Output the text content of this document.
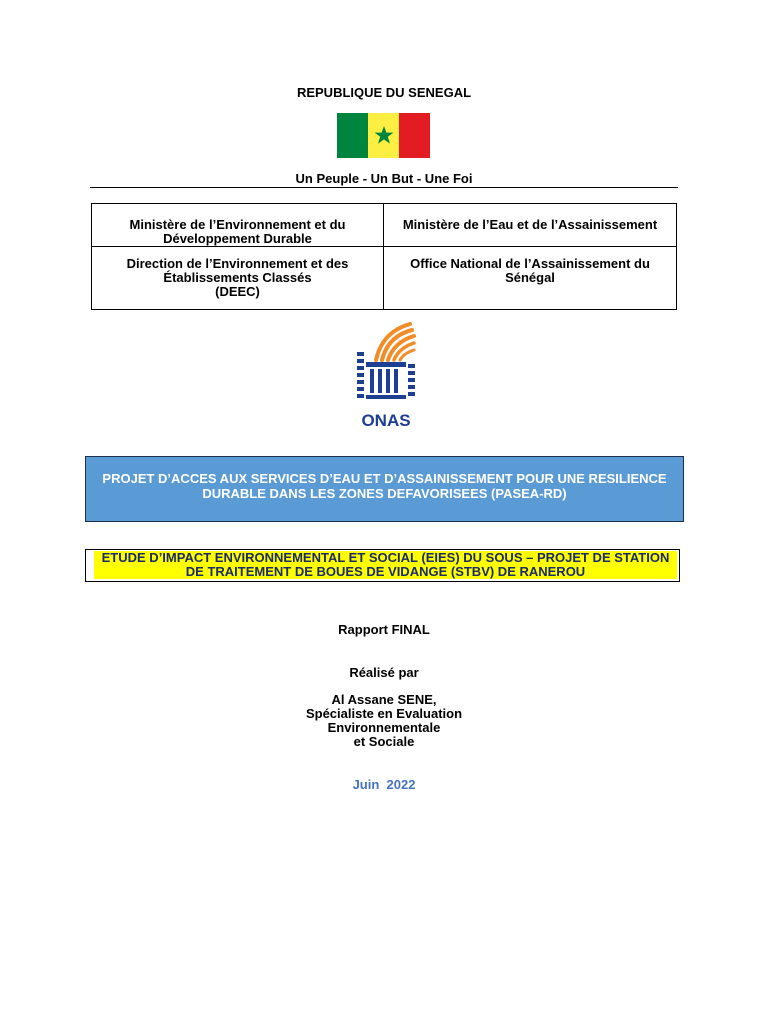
REPUBLIQUE DU SENEGAL
Un Peuple - Un But - Une Foi
Ministère de l’Environnement et du Développement Durable
Ministère de l’Eau et de l’Assainissement
Direction de l’Environnement et des
Établissements Classés
(DEEC)
Office National de l’Assainissement du Sénégal
ONAS
PROJET D’ACCES AUX SERVICES D’EAU ET D’ASSAINISSEMENT POUR UNE RESILIENCE DURABLE DANS LES ZONES DEFAVORISEES (PASEA-RD)
ETUDE D’IMPACT ENVIRONNEMENTAL ET SOCIAL (EIES) DU SOUS – PROJET DE STATION DE TRAITEMENT DE BOUES DE VIDANGE (STBV) DE RANEROU
Rapport FINAL
Réalisé par
Al Assane SENE,
Spécialiste en Evaluation
Environnementale
et Sociale
Juin  2022
